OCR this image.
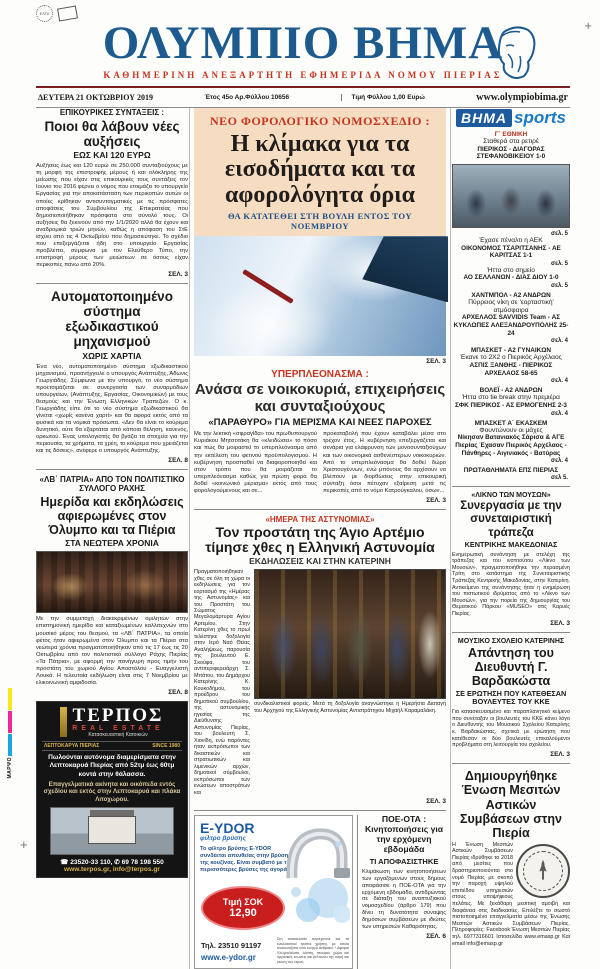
+
+
ΕΛΤΑ
ΟΛΥΜΠΙΟ ΒΗΜΑ
ΚΑΘΗΜΕΡΙΝΗ ΑΝΕΞΑΡΤΗΤΗ ΕΦΗΜΕΡΙΔΑ ΝΟΜΟΥ ΠΙΕΡΙΑΣ
ΔΕΥΤΕΡΑ 21 ΟΚΤΩΒΡΙΟΥ 2019	Έτος 45ο Αρ.Φύλλου 10656	Τιμή Φύλλου 1,00 Ευρώ	www.olympiobima.gr
ΕΠΙΚΟΥΡΙΚΕΣ ΣΥΝΤΑΞΕΙΣ :
Ποιοι θα λάβουν νέες αυξήσεις
ΕΩΣ ΚΑΙ 120 ΕΥΡΩ
Αυξήσεις έως και 120 ευρώ σε 250.000 συνταξιούχους με τη μορφή της επιστροφής μέρους ή και ολόκληρης της μείωσης που είχαν στις επικουρικές τους συντάξεις τον Ιούνιο του 2016 φέρνει ο νόμος που ετοιμάζει το υπουργείο Εργασίας για την αποκατάσταση των περικοπών αυτών οι οποίες κρίθηκαν αντισυνταγματικές με τις πρόσφατες αποφάσεις του Συμβουλίου της Επικρατείας που δημοσιοποιήθηκαν πρόσφατα στο σύνολό τους. Οι αυξήσεις θα ξεκινούν από την 1/1/2020 αλλά θα έχουν και αναδρομικά τριών μηνών, καθώς η απόφαση του ΣτΕ ισχύει από τις 4 Οκτωβρίου που δημοσιεύτηκε. Το σχέδιο που επεξεργάζεται ήδη στο υπουργείο Εργασίας προβλέπει, σύμφωνα με τον Ελεύθερο Τύπο, την επιστροφή μέρους των μειώσεων σε όσους είχαν περικοπές πάνω από 20%.
ΣΕΛ. 3
Αυτοματοποιημένο σύστημα εξωδικαστικού μηχανισμού
ΧΩΡΙΣ ΧΑΡΤΙΑ
Ένα νέο, αυτοματοποιημένο σύστημα εξωδικαστικού μηχανισμού, προανήγγειλε ο υπουργός Ανάπτυξης, Άδωνις Γεωργιάδης. Σύμφωνα με τον υπουργό, το νέο σύστημα προετοιμάζεται σε συνεργασία των συναρμόδιων υπουργείων, (Ανάπτυξης, Εργασίας, Οικονομικών) με τους θεσμούς και την Ένωση Ελληνικών Τραπεζών. Ο κ. Γεωργιάδης είπε ότι το νέο σύστημα εξωδικαστικού θα γίνεται «χωρίς κανένα χαρτί» και θα αφορά εκτός από τα φυσικά και τα νομικά πρόσωπα. «Δεν θα είναι το κούρεμα δυνητικό, ούτε θα εξαρτάται από κάποια θέληση, κανενός, ορκωτού. Ένας υπολογιστής θα βγάζει τα στοιχεία για την περιουσία, τα χρήματα, τα χρέη, το κούρεμα που χρειάζεται και τις δόσεις», ανέφερε ο υπουργός Ανάπτυξης.
ΣΕΛ. 8
«ΛΒ΄ ΠΑΤΡΙΑ» ΑΠΟ ΤΟΝ ΠΟΛΙΤΙΣΤΙΚΟ ΣΥΛΛΟΓΟ ΡΑΧΗΣ
Ημερίδα και εκδηλώσεις αφιερωμένες στον Όλυμπο και τα Πιέρια
ΣΤΑ ΝΕΩΤΕΡΑ ΧΡΟΝΙΑ
Με την συμμετοχή διακεκριμένων ομιλητών στην επιστημονική ημερίδα και καταξιωμένων καλλιτεχνών στο μουσικό μέρος του θεσμού, τα «ΛΒ΄ ΠΑΤΡΙΑ», τα οποία φέτος ήταν αφιερωμένα στον Όλυμπο και τα Πιέρια στα νεώτερα χρόνια πραγματοποιήθηκαν από τις 17 έως τις 20 Οκτωβρίου από τον πολιτιστικό σύλλογο Ράχης Πιερίας «Τα Πάτρια», με αφορμή την πανήγυρη προς τιμήν του προστάτη του χωριού Αγίου Αποστόλου - Ευαγγελιστή Λουκά. Η τελευταία εκδήλωση είναι στις 7 Νοεμβρίου με ελικοινωνική αμφιδοσία.
ΣΕΛ. 8
ΤΕΡΠΟΣ
REAL ESTATE
Κατασκευαστική Κατοικιών
ΛΕΠΤΟΚΑΡΥΑ ΠΙΕΡΙΑΣ	SINCE 1980
Πωλούνται αυτόνομα διαμερίσματα στην Λεπτοκαρυά Πιερίας από 52τμ έως 60τμ κοντά στην θάλασσα.
Επαγγελματικά ακίνητα και οικόπεδα εντός σχεδίου και εκτός στην Λεπτοκαρυά και πλάκα Λιτοχώρου.
☎ 23520-33 110, ✆ 69 78 198 550
www.terpos.gr, info@terpos.gr
ΝΕΟ ΦΟΡΟΛΟΓΙΚΟ ΝΟΜΟΣΧΕΔΙΟ :
Η κλίμακα για τα εισοδήματα και τα αφορολόγητα όρια
ΘΑ ΚΑΤΑΤΕΘΕΙ ΣΤΗ ΒΟΥΛΗ ΕΝΤΟΣ ΤΟΥ ΝΟΕΜΒΡΙΟΥ
ΣΕΛ. 3
ΥΠΕΡΠΛΕΟΝΑΣΜΑ :
Ανάσα σε νοικοκυριά, επιχειρήσεις και συνταξιούχους
«ΠΑΡΑΘΥΡΟ» ΓΙΑ ΜΕΡΙΣΜΑ ΚΑΙ ΝΕΕΣ ΠΑΡΟΧΕΣ
Με την λεκτική «σφραγίδα» του πρωθυπουργού Κυριάκου Μητσοτάκη θα «κλειδώσει» το πόσο και πώς θα μοιραστεί το υπερπλεόνασμα από την εκτέλεση του φετινού προϋπολογισμού. Η κυβέρνηση προσπαθεί να διαφοροποιηθεί και στον τρόπο που θα μοιράζεται το υπερπλεόνασμα καθώς για πρώτη φορά θα δοθεί «κοινωνικό μέρισμα» εκτός από τους φορολογούμενους και σε...
προκαταβολή που έχουν καταβάλει μέσα στο τρέχον έτος. Η κυβέρνηση επεξεργάζεται και σενάρια για ελάφρυνση των μονοσυνταξιούχων και των οικονομικά ασθενέστερων νοικοκυριών. Από το υπερπλεόνασμα θα δοθεί δώρο Χριστουγέννων, ενώ μπόνους θα αρχίσουν να βλέπουν με διορθώσεις στην επικουρική σύνταξη όσοι πέτυχαν εξαίρεση μετά τις περικοπές από το νόμο Κατρούγκαλου, όσων...
ΣΕΛ. 3
«ΗΜΕΡΑ ΤΗΣ ΑΣΤΥΝΟΜΙΑΣ»
Τον προστάτη της Άγιο Αρτέμιο τίμησε χθες η Ελληνική Αστυνομία
ΕΚΔΗΛΩΣΕΙΣ ΚΑΙ ΣΤΗΝ ΚΑΤΕΡΙΝΗ
Πραγματοποιήθηκαν χθες σε όλη τη χώρα οι εκδηλώσεις για τον εορτασμό της «Ημέρας της Αστυνομίας» και του Προστάτη του Σώματος Μεγαλομάρτυρα Αγίου Αρτεμίου. Στην Κατερίνη χθες το πρωί τελέστηκε δοξολογία στον Ιερό Ναό Θείας Αναλήψεως, παρουσία της βουλευτού Ε. Σκούφα, του αντιπεριφερειάρχη Σ. Μπάτου, του Δημάρχου Κατερίνης Κ. Κουκοδήμου, του προέδρου του δημοτικού συμβουλίου, της αστυνομικής ηγεσίας της Διεύθυνσης Αστυνομίας Πιερίας, του βουλευτή Σ. Χιονίδη, ενώ παρόντες ήταν εκπρόσωποι των δικαστικών και στρατιωτικών και λιμενικών αρχών, δημοτικοί σύμβουλοι, εκπρόσωποι των ενώσεων αποστράτων και
συνδικαλιστικοί φορείς. Μετά τη δοξολογία αναγνώστηκε η Ημερήσια Διαταγή του Αρχηγού της Ελληνικής Αστυνομίας Αντιστράτηγου Μιχαήλ Καραμαλάκη.
ΣΕΛ. 3
E-YDOR
φίλτρο βρύσης
Το φίλτρο βρύσης E-YDOR συνδέεται απευθείας στην βρύση της κουζίνας. Είναι συμβατό με τις περισσότερες βρύσες της αγοράς.
Τιμή ΣΟΚ
12,90
Τηλ. 23510 91197
www.e-ydor.gr
Στη συσκευασία περιέχονται και τα εναλλακτικοί τρόποι χρήσης, με οποία συσκευάζεται από ενεργό άνθρακα. * Αφαιρεί Χλώριο/άλατα, λάσπη, σκουριά, χώμα και οργανικές ενώσεις και βελτιώνει την οσμή και γεύση του νερού.
ΠΟΕ-ΟΤΑ : Κινητοποιήσεις για την ερχόμενη εβδομάδα
ΤΙ ΑΠΟΦΑΣΙΣΤΗΚΕ
Κλιμάκωση των κινητοποιήσεων των εργαζόμενων στους δήμους αποφάσισε η ΠΟΕ-ΟΤΑ για την ερχόμενη εβδομάδα, αντιδρώντας σε διάταξη του αναπτυξιακού νομοσχεδίου (άρθρο 179) που δίνει τη δυνατότητα σύναψης δημόσιων συμβάσεων με ιδιώτες των υπηρεσιών Καθαριότητας.
ΣΕΛ. 6
ΒΗΜΑ sports
Γ΄ ΕΘΝΙΚΗ
Σταθερά στα ρετιρέ
ΠΙΕΡΙΚΟΣ - ΔΙΑΓΟΡΑΣ ΣΤΕΦΑΝΟΒΙΚΕΙΟΥ 1-0
σελ. 5
Έχασε πέναλτι η ΑΕΚ
ΟΙΚΟΝΟΜΟΣ ΤΣΑΡΙΤΣΑΝΗΣ - ΑΕ ΚΑΡΙΤΣΑΣ 1-1
σελ. 5
Ήττα στο σημείο
ΑΟ ΣΕΛΛΑΝΩΝ - ΔΙΑΣ ΔΙΟΥ 1-0
σελ. 5
ΧΑΝΤΜΠΟΛ - Α2 ΑΝΔΡΩΝ
Πύρρειος νίκη σε 'εορταστική' ατμόσφαιρα
ΑΡΧΕΛΑΟΣ SAVVIDIS Team - ΑΣ ΚΥΚΛΩΠΕΣ ΑΛΕΞΑΝΔΡΟΥΠΟΛΗΣ 25-24
σελ. 4
ΜΠΑΣΚΕΤ - Α2 ΓΥΝΑΙΚΩΝ
Έκανε το 2Χ2 ο Πιερικός Αρχέλαος
ΑΣΠΙΣ ΞΑΝΘΗΣ - ΠΙΕΡΙΚΟΣ ΑΡΧΕΛΑΟΣ 58-65
σελ. 4
ΒΟΛΕΪ - Α2 ΑΝΔΡΩΝ
Ήττα στο tie break στην πρεμιέρα
ΣΦΚ ΠΙΕΡΙΚΟΣ - ΑΣ ΕΡΜΟΓΕΝΗΣ 2-3
σελ. 4
ΜΠΑΣΚΕΤ Α΄ ΕΚΑΣΚΕΜ
Φουντώνουν οι μάχες
Νίκησαν Βατανιακός Σάρισα & ΑΓΕ Πιερίας Έχασαν Πιερικός Αρχέλαος - Πάνθηρες - Αιγινιακός - Βατύρας
σελ. 4
ΠΡΩΤΑΘΛΗΜΑΤΑ ΕΠΣ ΠΙΕΡΙΑΣ
σελ 5.
«ΛΙΚΝΟ ΤΩΝ ΜΟΥΣΩΝ»
Συνεργασία με την συνεταιριστική τράπεζα
ΚΕΝΤΡΙΚΗΣ ΜΑΚΕΔΟΝΙΑΣ
Ενημερωτική συνάντηση με στελέχη της τράπεζας και του ινστιτούτου «Λίκνο των Μουσών», πραγματοποιήθηκε την περασμένη Τρίτη στο κατάστημα της Συνεταιριστικής Τράπεζας Κεντρικής Μακεδονίας, στην Κατερίνη. Αντικείμενο της συνάντησης ήταν η ενημέρωση του πιστωτικού ιδρύματος από το «Λίκνο των Μουσών», για την πορεία της δημιουργίας του Θεματικού Πάρκου «MUSEO» στις Καρυές Πιερίας.
ΣΕΛ. 3
ΜΟΥΣΙΚΟ ΣΧΟΛΕΙΟ ΚΑΤΕΡΙΝΗΣ
Απάντηση του Διευθυντή Γ. Βαρδακώστα
ΣΕ ΕΡΩΤΗΣΗ ΠΟΥ ΚΑΤΕΘΕΣΑΝ ΒΟΥΛΕΥΤΕΣ ΤΟΥ ΚΚΕ
Για κατασκευασμένο και παραπλανητικό κείμενο που συνέταξαν οι βουλευτές του ΚΚΕ κάνει λόγο ο Διευθυντής του Μουσικού Σχολείου Κατερίνης κ. Βαρδακώστας, σχετικά με ερώτηση που κατέθεσαν οι δύο βουλευτές επικαλούμενοι προβλήματα στη λειτουργία του σχολείου.
ΣΕΛ. 3
Δημιουργήθηκε Ένωση Μεσιτών Αστικών Συμβάσεων στην Πιερία
Η Ένωση Μεσιτών Αστικών Συμβάσεων Πιερίας ιδρύθηκε το 2018 από μεσίτες που δραστηριοποιούνται στο νομό Πιερίας με σκοπό την παροχή υψηλού επιπέδου υπηρεσιών στους υποψήφιους πελάτες. Με ξεκάθαρη μεσιτική αμοιβή και διαφάνεια στις διαδικασίες. Επιλέξτε το σωστό πιστοποιημένο επαγγελματία μέσω της Ένωσης Μεσιτών Αστικών Συμβάσεων Πιερίας. Πληροφορίες: Facebook Ένωση Μεσιτών Πιερίας τηλ. 6977316601 Ιστοσελίδα www.emasp.gr Και email info@emasp.gr
ΜΑΡΨΟ
